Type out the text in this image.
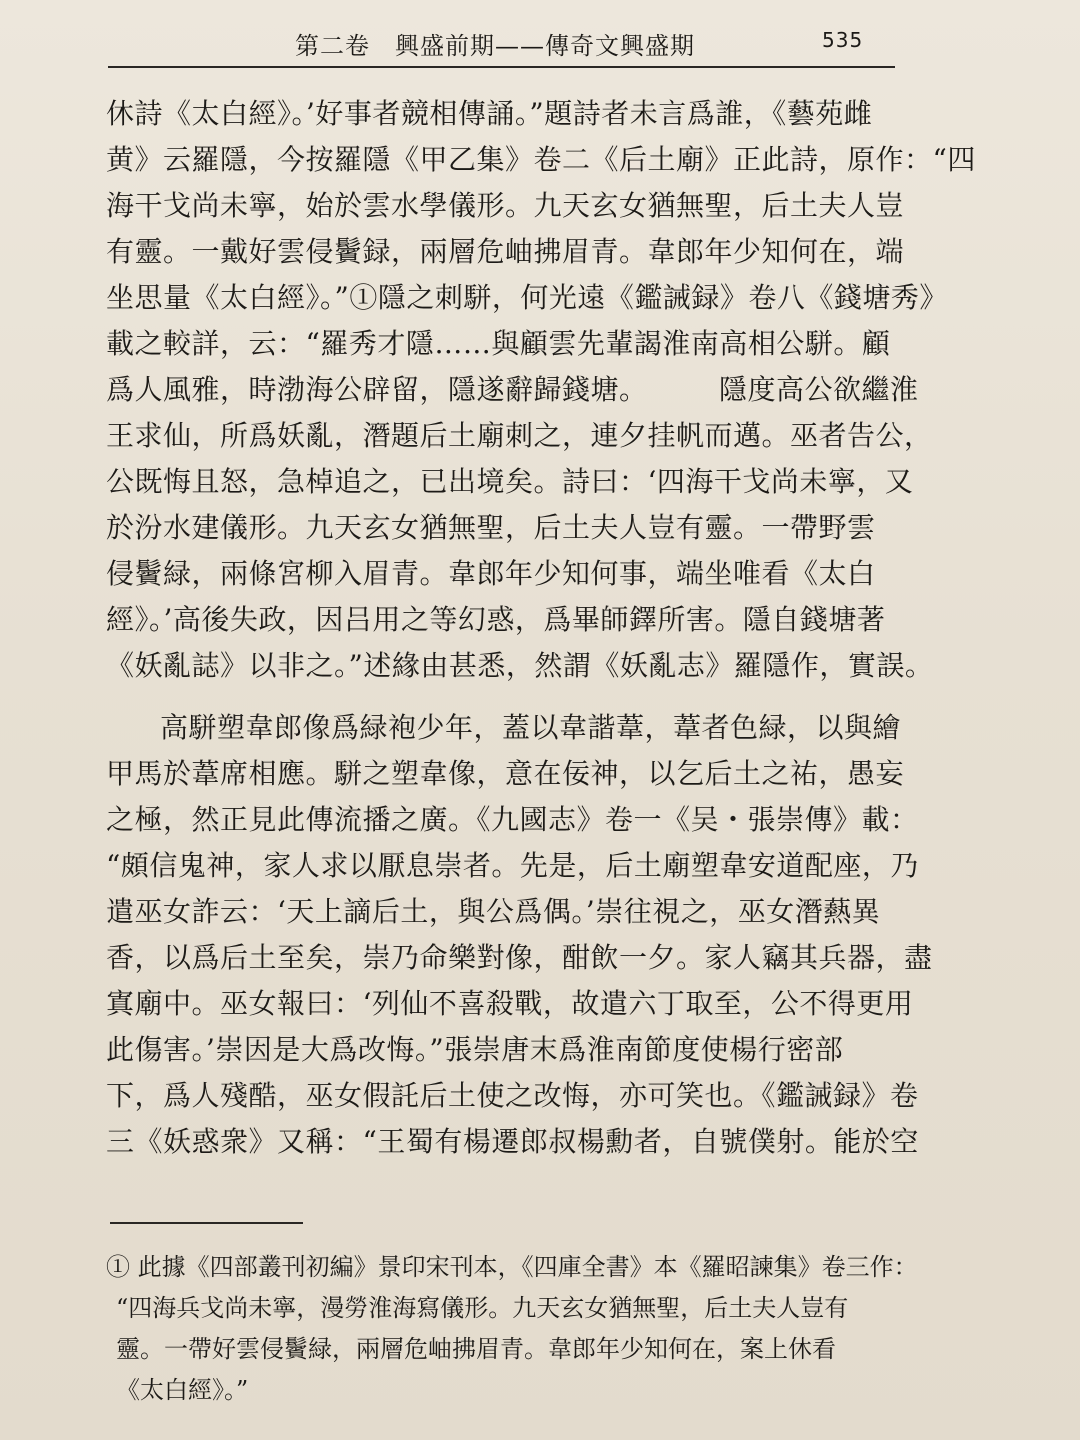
第二卷　興盛前期——傳奇文興盛期	535
休詩《太白經》。’好事者競相傳誦。”題詩者未言爲誰，《藝苑雌
黄》云羅隱，今按羅隱《甲乙集》卷二《后土廟》正此詩，原作：“四
海干戈尚未寧，始於雲水學儀形。九天玄女猶無聖，后土夫人豈
有靈。一戴好雲侵鬢録，兩層危岫拂眉青。韋郎年少知何在，端
坐思量《太白經》。”①隱之刺駢，何光遠《鑑誡録》卷八《錢塘秀》
載之較詳，云：“羅秀才隱……與顧雲先輩謁淮南高相公駢。顧
爲人風雅，時渤海公辟留，隱遂辭歸錢塘。　　　隱度高公欲繼淮
王求仙，所爲妖亂，潛題后土廟刺之，連夕挂帆而邁。巫者告公，
公既悔且怒，急棹追之，已出境矣。詩曰：‘四海干戈尚未寧，又
於汾水建儀形。九天玄女猶無聖，后土夫人豈有靈。一帶野雲
侵鬢緑，兩條宮柳入眉青。韋郎年少知何事，端坐唯看《太白
經》。’高後失政，因吕用之等幻惑，爲畢師鐸所害。隱自錢塘著
《妖亂誌》以非之。”述緣由甚悉，然謂《妖亂志》羅隱作，實誤。
高駢塑韋郎像爲緑袍少年，蓋以韋諧葦，葦者色緑，以與繪
甲馬於葦席相應。駢之塑韋像，意在佞神，以乞后土之祐，愚妄
之極，然正見此傳流播之廣。《九國志》卷一《吴・張崇傳》載：
“頗信鬼神，家人求以厭息崇者。先是，后土廟塑韋安道配座，乃
遣巫女詐云：‘天上謫后土，與公爲偶。’崇往視之，巫女潛爇異
香，以爲后土至矣，崇乃命樂對像，酣飲一夕。家人竊其兵器，盡
寘廟中。巫女報曰：‘列仙不喜殺戰，故遣六丁取至，公不得更用
此傷害。’崇因是大爲改悔。”張崇唐末爲淮南節度使楊行密部
下，爲人殘酷，巫女假託后土使之改悔，亦可笑也。《鑑誡録》卷
三《妖惑衆》又稱：“王蜀有楊遷郎叔楊勳者，自號僕射。能於空
① 此據《四部叢刊初編》景印宋刊本，《四庫全書》本《羅昭諫集》卷三作：
“四海兵戈尚未寧，漫勞淮海寫儀形。九天玄女猶無聖，后土夫人豈有
靈。一帶好雲侵鬢緑，兩層危岫拂眉青。韋郎年少知何在，案上休看
《太白經》。”
